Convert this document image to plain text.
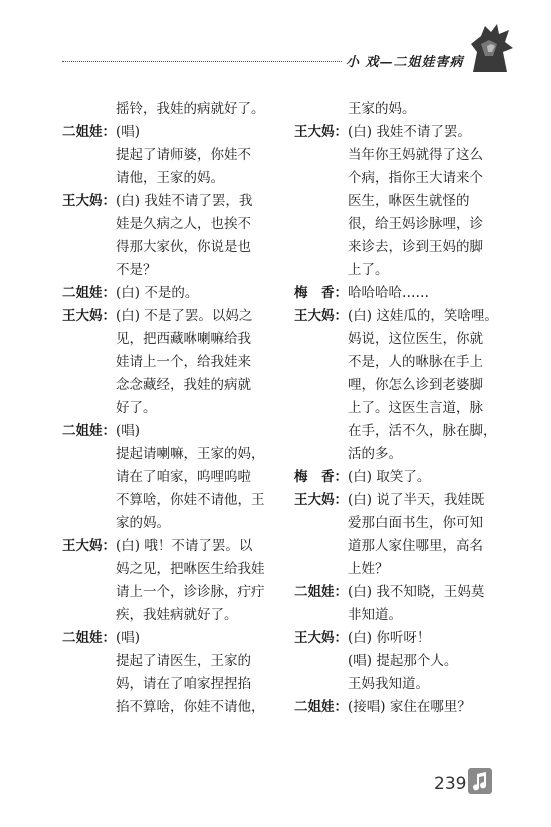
小 戏—二姐娃害病
摇铃，我娃的病就好了。
二姐娃： (唱)
提起了请师婆，你娃不
请他，王家的妈。
王大妈： (白) 我娃不请了罢，我
娃是久病之人，也挨不
得那大家伙，你说是也
不是？
二姐娃： (白) 不是的。
王大妈： (白) 不是了罢。以妈之
见，把西藏咻喇嘛给我
娃请上一个，给我娃来
念念藏经，我娃的病就
好了。
二姐娃： (唱)
提起请喇嘛，王家的妈，
请在了咱家，呜哩呜啦
不算啥，你娃不请他，王
家的妈。
王大妈： (白) 哦！不请了罢。以
妈之见，把咻医生给我娃
请上一个，诊诊脉，疔疔
疾，我娃病就好了。
二姐娃： (唱)
提起了请医生，王家的
妈，请在了咱家捏捏掐
掐不算啥，你娃不请他，
王家的妈。
王大妈： (白) 我娃不请了罢。
当年你王妈就得了这么
个病，指你王大请来个
医生，咻医生就怪的
很，给王妈诊脉哩，诊
来诊去，诊到王妈的脚
上了。
梅　香： 哈哈哈哈……
王大妈： (白) 这娃瓜的，笑啥哩。
妈说，这位医生，你就
不是，人的咻脉在手上
哩，你怎么诊到老婆脚
上了。这医生言道，脉
在手，活不久，脉在脚，
活的多。
梅　香： (白) 取笑了。
王大妈： (白) 说了半天，我娃既
爱那白面书生，你可知
道那人家住哪里，高名
上姓？
二姐娃： (白) 我不知晓，王妈莫
非知道。
王大妈： (白) 你听呀！
(唱) 提起那个人。
王妈我知道。
二姐娃： (接唱) 家住在哪里？
239
